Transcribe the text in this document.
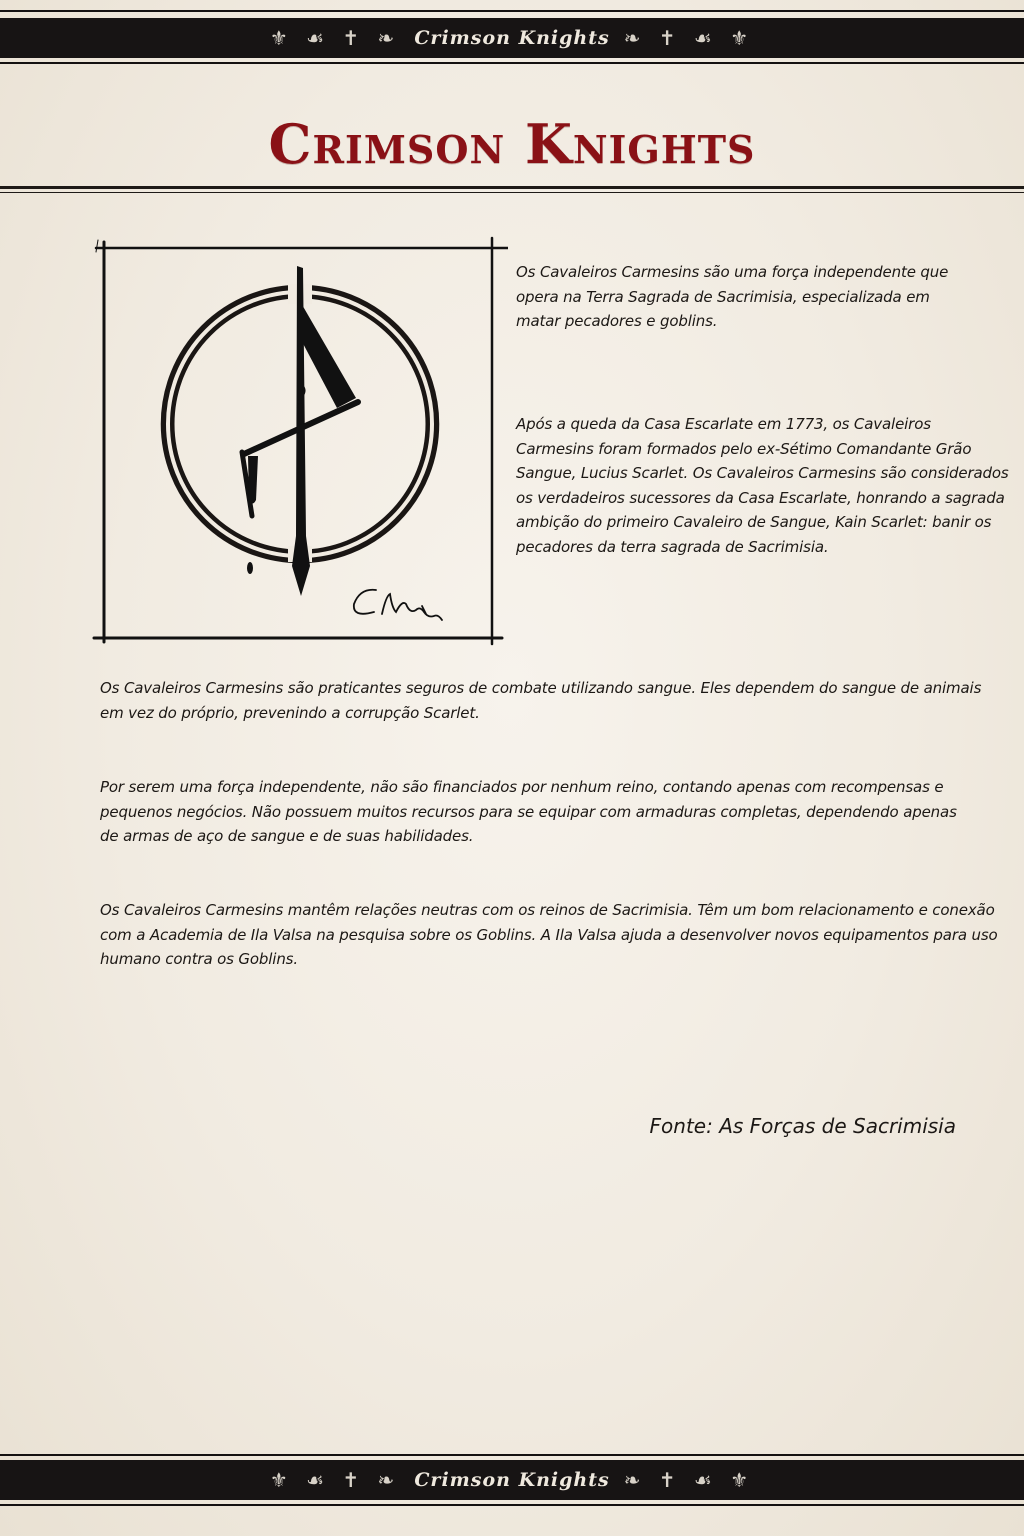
⚜ ☙ ✝ ❧ Crimson Knights ❧ ✝ ☙ ⚜
Crimson Knights

Os Cavaleiros Carmesins são uma força independente que opera na Terra Sagrada de Sacrimisia, especializada em matar pecadores e goblins.

Após a queda da Casa Escarlate em 1773, os Cavaleiros Carmesins foram formados pelo ex-Sétimo Comandante Grão Sangue, Lucius Scarlet. Os Cavaleiros Carmesins são considerados os verdadeiros sucessores da Casa Escarlate, honrando a sagrada ambição do primeiro Cavaleiro de Sangue, Kain Scarlet: banir os pecadores da terra sagrada de Sacrimisia.

Os Cavaleiros Carmesins são praticantes seguros de combate utilizando sangue. Eles dependem do sangue de animais em vez do próprio, prevenindo a corrupção Scarlet.

Por serem uma força independente, não são financiados por nenhum reino, contando apenas com recompensas e pequenos negócios. Não possuem muitos recursos para se equipar com armaduras completas, dependendo apenas de armas de aço de sangue e de suas habilidades.

Os Cavaleiros Carmesins mantêm relações neutras com os reinos de Sacrimisia. Têm um bom relacionamento e conexão com a Academia de Ila Valsa na pesquisa sobre os Goblins. A Ila Valsa ajuda a desenvolver novos equipamentos para uso humano contra os Goblins.

Fonte: As Forças de Sacrimisia
⚜ ☙ ✝ ❧ Crimson Knights ❧ ✝ ☙ ⚜
